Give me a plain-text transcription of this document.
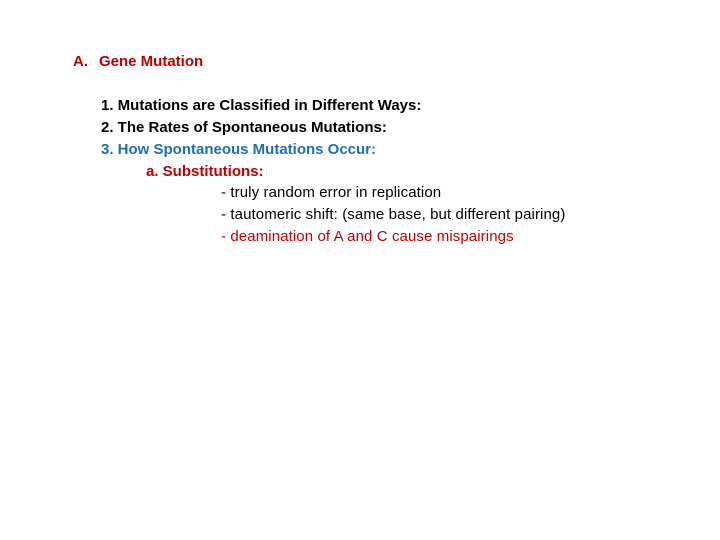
A. Gene Mutation
1. Mutations are Classified in Different Ways:
2. The Rates of Spontaneous Mutations:
3. How Spontaneous Mutations Occur:
a. Substitutions:
- truly random error in replication
- tautomeric shift: (same base, but different pairing)
- deamination of A and C cause mispairings
